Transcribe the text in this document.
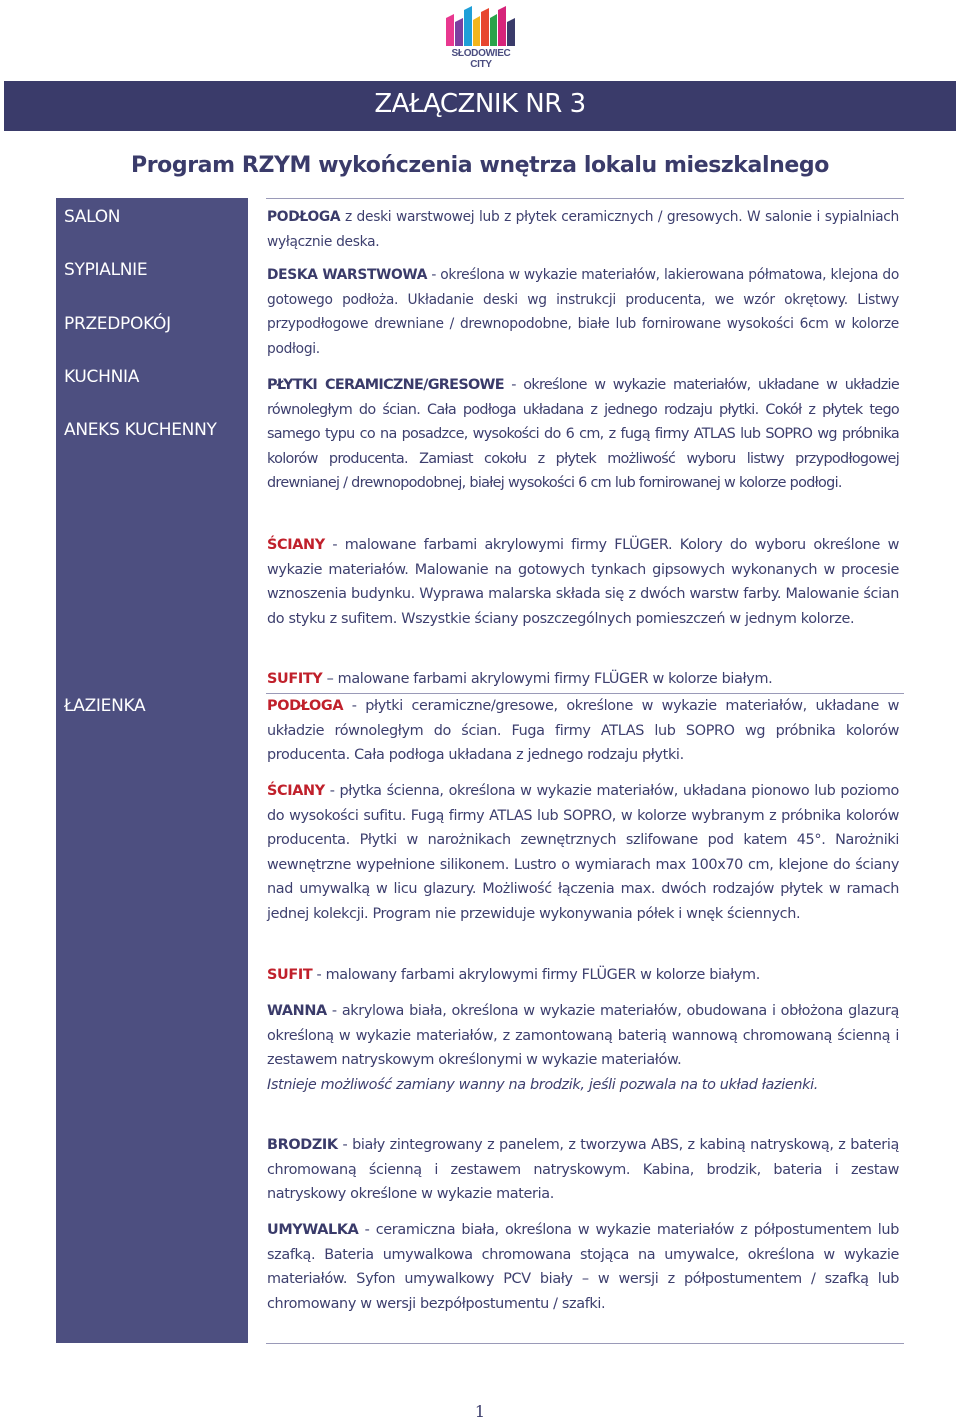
SŁODOWIEC CITY
ZAŁĄCZNIK NR 3
Program RZYM wykończenia wnętrza lokalu mieszkalnego
SALON
SYPIALNIE
PRZEDPOKÓJ
KUCHNIA
ANEKS KUCHENNY
ŁAZIENKA
PODŁOGA z deski warstwowej lub z płytek ceramicznych / gresowych. W salonie i sypialniach wyłącznie deska.
DESKA WARSTWOWA - określona w wykazie materiałów, lakierowana półmatowa, klejona do gotowego podłoża. Układanie deski wg instrukcji producenta, we wzór okrętowy. Listwy przypodłogowe drewniane / drewnopodobne, białe lub fornirowane wysokości 6cm w kolorze podłogi.
PŁYTKI CERAMICZNE/GRESOWE - określone w wykazie materiałów, układane w układzie równoległym do ścian. Cała podłoga układana z jednego rodzaju płytki. Cokół z płytek tego samego typu co na posadzce, wysokości do 6 cm, z fugą firmy ATLAS lub SOPRO wg próbnika kolorów producenta. Zamiast cokołu z płytek możliwość wyboru listwy przypodłogowej drewnianej / drewnopodobnej, białej wysokości 6 cm lub fornirowanej w kolorze podłogi.
ŚCIANY - malowane farbami akrylowymi firmy FLÜGER. Kolory do wyboru określone w wykazie materiałów. Malowanie na gotowych tynkach gipsowych wykonanych w procesie wznoszenia budynku. Wyprawa malarska składa się z dwóch warstw farby. Malowanie ścian do styku z sufitem. Wszystkie ściany poszczególnych pomieszczeń w jednym kolorze.
SUFITY – malowane farbami akrylowymi firmy FLÜGER w kolorze białym.
PODŁOGA - płytki ceramiczne/gresowe, określone w wykazie materiałów, układane w układzie równoległym do ścian. Fuga firmy ATLAS lub SOPRO wg próbnika kolorów producenta. Cała podłoga układana z jednego rodzaju płytki.
ŚCIANY - płytka ścienna, określona w wykazie materiałów, układana pionowo lub poziomo do wysokości sufitu. Fugą firmy ATLAS lub SOPRO, w kolorze wybranym z próbnika kolorów producenta. Płytki w narożnikach zewnętrznych szlifowane pod katem 45°. Narożniki wewnętrzne wypełnione silikonem. Lustro o wymiarach max 100x70 cm, klejone do ściany nad umywalką w licu glazury. Możliwość łączenia max. dwóch rodzajów płytek w ramach jednej kolekcji. Program nie przewiduje wykonywania półek i wnęk ściennych.
SUFIT - malowany farbami akrylowymi firmy FLÜGER w kolorze białym.
WANNA - akrylowa biała, określona w wykazie materiałów, obudowana i obłożona glazurą określoną w wykazie materiałów, z zamontowaną baterią wannową chromowaną ścienną i zestawem natryskowym określonymi w wykazie materiałów.
Istnieje możliwość zamiany wanny na brodzik, jeśli pozwala na to układ łazienki.
BRODZIK - biały zintegrowany z panelem, z tworzywa ABS, z kabiną natryskową, z baterią chromowaną ścienną i zestawem natryskowym. Kabina, brodzik, bateria i zestaw natryskowy określone w wykazie materia.
UMYWALKA - ceramiczna biała, określona w wykazie materiałów z półpostumentem lub szafką. Bateria umywalkowa chromowana stojąca na umywalce, określona w wykazie materiałów. Syfon umywalkowy PCV biały – w wersji z półpostumentem / szafką lub chromowany w wersji bezpółpostumentu / szafki.
1
